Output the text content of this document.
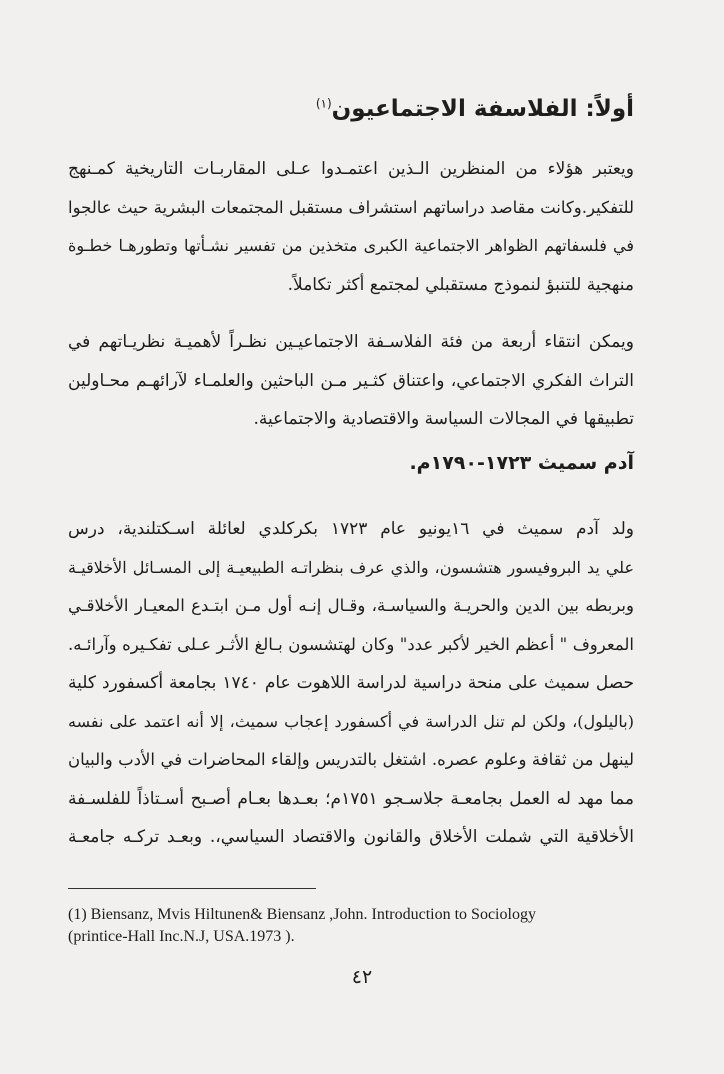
أولاً: الفلاسفة الاجتماعيون$^{(١)}$
ويعتبر هؤلاء من المنظرين الـذين اعتمـدوا عـلى المقاربـات التاريخية كمـنهج
للتفكير.وكانت مقاصد دراساتهم استشراف مستقبل المجتمعات البشرية حيث عالجوا
في فلسفاتهم الظواهر الاجتماعية الكبرى متخذين من تفسير نشـأتها وتطورهـا خطـوة
منهجية للتنبؤ لنموذج مستقبلي لمجتمع أكثر تكاملاً.
ويمكن انتقاء أربعة من فئة الفلاسـفة الاجتماعيـين نظـراً لأهميـة نظريـاتهم في
التراث الفكري الاجتماعي، واعتناق كثـير مـن الباحثين والعلمـاء لآرائهـم محـاولين
تطبيقها في المجالات السياسة والاقتصادية والاجتماعية.
آدم سميث ١٧٢٣-١٧٩٠م.
ولد آدم سميث في ١٦يونيو عام ١٧٢٣ بكركلدي لعائلة اسـكتلندية، درس
علي يد البروفيسور هتشسون، والذي عرف بنظراتـه الطبيعيـة إلى المسـائل الأخلاقيـة
وبربطه بين الدين والحريـة والسياسـة، وقـال إنـه أول مـن ابتـدع المعيـار الأخلاقـي
المعروف " أعظم الخير لأكبر عدد" وكان لهتشسون بـالغ الأثـر عـلى تفكـيره وآرائـه.
حصل سميث على منحة دراسية لدراسة اللاهوت عام ١٧٤٠ بجامعة أكسفورد كلية
(باليلول)، ولكن لم تنل الدراسة في أكسفورد إعجاب سميث، إلا أنه اعتمد على نفسه
لينهل من ثقافة وعلوم عصره. اشتغل بالتدريس وإلقاء المحاضرات في الأدب والبيان
مما مهد له العمل بجامعـة جلاسـجو ١٧٥١م؛ بعـدها بعـام أصـبح أسـتاذاً للفلسـفة
الأخلاقية التي شملت الأخلاق والقانون والاقتصاد السياسي،. وبعـد تركـه جامعـة
(1) Biensanz, Mvis Hiltunen& Biensanz ,John. Introduction to Sociology
(printice-Hall Inc.N.J, USA.1973 ).
٤٢
